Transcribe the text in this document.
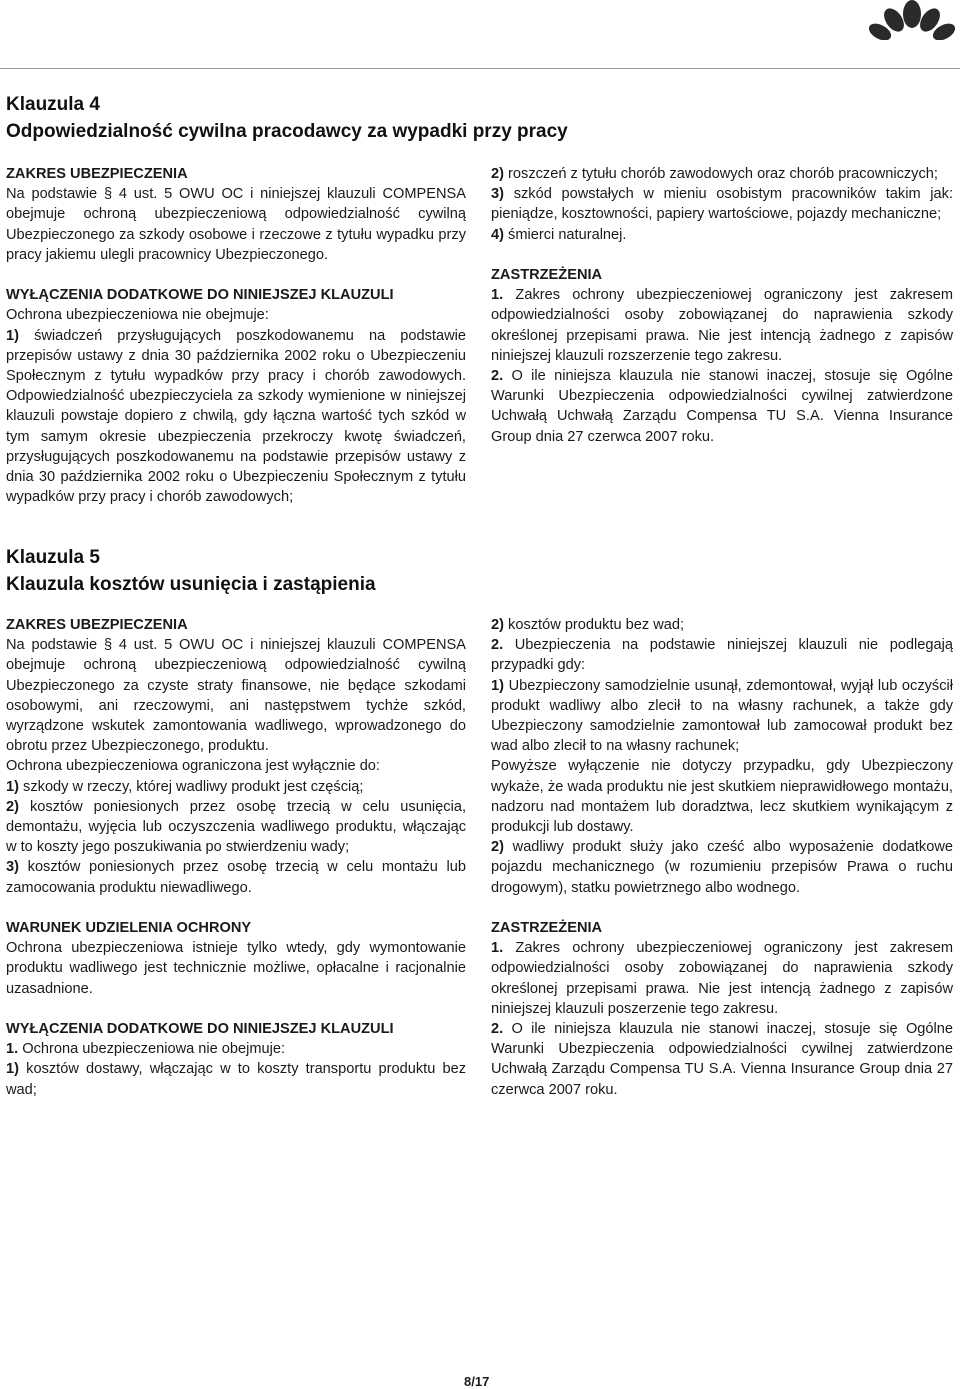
Klauzula 4
Odpowiedzialność cywilna pracodawcy za wypadki przy pracy

ZAKRES UBEZPIECZENIA

Na podstawie § 4 ust. 5 OWU OC i niniejszej klauzuli COMPENSA obejmuje ochroną ubezpieczeniową odpowiedzialność cywilną Ubezpieczonego za szkody osobowe i rzeczowe z tytułu wypadku przy pracy jakiemu ulegli pracownicy Ubezpieczonego.

WYŁĄCZENIA DODATKOWE DO NINIEJSZEJ KLAUZULI

Ochrona ubezpieczeniowa nie obejmuje:

1) świadczeń przysługujących poszkodowanemu na podstawie przepisów ustawy z dnia 30 października 2002 roku o Ubezpieczeniu Społecznym z tytułu wypadków przy pracy i chorób zawodowych. Odpowiedzialność ubezpieczyciela za szkody wymienione w niniejszej klauzuli powstaje dopiero z chwilą, gdy łączna wartość tych szkód w tym samym okresie ubezpieczenia przekroczy kwotę świadczeń, przysługujących poszkodowanemu na podstawie przepisów ustawy z dnia 30 października 2002 roku o Ubezpieczeniu Społecznym z tytułu wypadków przy pracy i chorób zawodowych;

2) roszczeń z tytułu chorób zawodowych oraz chorób pracowniczych;

3) szkód powstałych w mieniu osobistym pracowników takim jak: pieniądze, kosztowności, papiery wartościowe, pojazdy mechaniczne;

4) śmierci naturalnej.

ZASTRZEŻENIA

1. Zakres ochrony ubezpieczeniowej ograniczony jest zakresem odpowiedzialności osoby zobowiązanej do naprawienia szkody określonej przepisami prawa. Nie jest intencją żadnego z zapisów niniejszej klauzuli rozszerzenie tego zakresu.

2. O ile niniejsza klauzula nie stanowi inaczej, stosuje się Ogólne Warunki Ubezpieczenia odpowiedzialności cywilnej zatwierdzone Uchwałą Uchwałą Zarządu Compensa TU S.A. Vienna Insurance Group dnia 27 czerwca 2007 roku.

Klauzula 5
Klauzula kosztów usunięcia i zastąpienia

ZAKRES UBEZPIECZENIA

Na podstawie § 4 ust. 5 OWU OC i niniejszej klauzuli COMPENSA obejmuje ochroną ubezpieczeniową odpowiedzialność cywilną Ubezpieczonego za czyste straty finansowe, nie będące szkodami osobowymi, ani rzeczowymi, ani następstwem tychże szkód, wyrządzone wskutek zamontowania wadliwego, wprowadzonego do obrotu przez Ubezpieczonego, produktu.

Ochrona ubezpieczeniowa ograniczona jest wyłącznie do:

1) szkody w rzeczy, której wadliwy produkt jest częścią;

2) kosztów poniesionych przez osobę trzecią w celu usunięcia, demontażu, wyjęcia lub oczyszczenia wadliwego produktu, włączając w to koszty jego poszukiwania po stwierdzeniu wady;

3) kosztów poniesionych przez osobę trzecią w celu montażu lub zamocowania produktu niewadliwego.

WARUNEK UDZIELENIA OCHRONY

Ochrona ubezpieczeniowa istnieje tylko wtedy, gdy wymontowanie produktu wadliwego jest technicznie możliwe, opłacalne i racjonalnie uzasadnione.

WYŁĄCZENIA DODATKOWE DO NINIEJSZEJ KLAUZULI

1. Ochrona ubezpieczeniowa nie obejmuje:

1) kosztów dostawy, włączając w to koszty transportu produktu bez wad;

2) kosztów produktu bez wad;

2. Ubezpieczenia na podstawie niniejszej klauzuli nie podlegają przypadki gdy:

1) Ubezpieczony samodzielnie usunął, zdemontował, wyjął lub oczyścił produkt wadliwy albo zlecił to na własny rachunek, a także gdy Ubezpieczony samodzielnie zamontował lub zamocował produkt bez wad albo zlecił to na własny rachunek;

Powyższe wyłączenie nie dotyczy przypadku, gdy Ubezpieczony wykaże, że wada produktu nie jest skutkiem nieprawidłowego montażu, nadzoru nad montażem lub doradztwa, lecz skutkiem wynikającym z produkcji lub dostawy.

2) wadliwy produkt służy jako cześć albo wyposażenie dodatkowe pojazdu mechanicznego (w rozumieniu przepisów Prawa o ruchu drogowym), statku powietrznego albo wodnego.

ZASTRZEŻENIA

1. Zakres ochrony ubezpieczeniowej ograniczony jest zakresem odpowiedzialności osoby zobowiązanej do naprawienia szkody określonej przepisami prawa. Nie jest intencją żadnego z zapisów niniejszej klauzuli poszerzenie tego zakresu.

2. O ile niniejsza klauzula nie stanowi inaczej, stosuje się Ogólne Warunki Ubezpieczenia odpowiedzialności cywilnej zatwierdzone Uchwałą Zarządu Compensa TU S.A. Vienna Insurance Group dnia 27 czerwca 2007 roku.

8/17
